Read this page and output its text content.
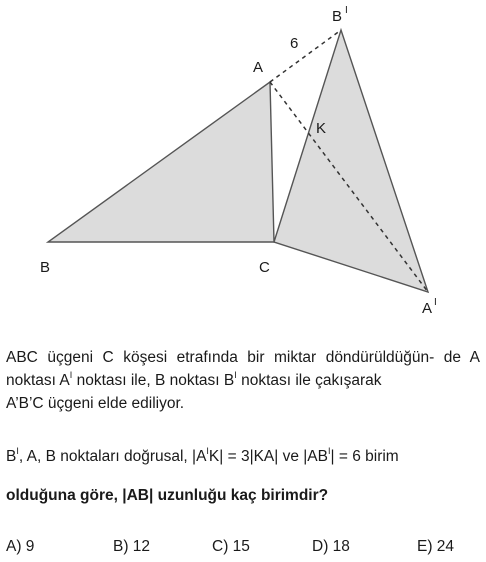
B	C
A
K
6
B I
A I
ABC üçgeni C köşesi etrafında bir miktar döndürüldüğün- de A noktası $A^I$ noktası ile, B noktası $B^I$ noktası ile çakışarak
A’B’C üçgeni elde ediliyor.
$B^I$, A, B noktaları doğrusal, $|A^IK| = 3|KA|$ ve $|AB^I| = 6$ birim
olduğuna göre, |AB| uzunluğu kaç birimdir?
A) 9	B) 12	C) 15	D) 18	E) 24
